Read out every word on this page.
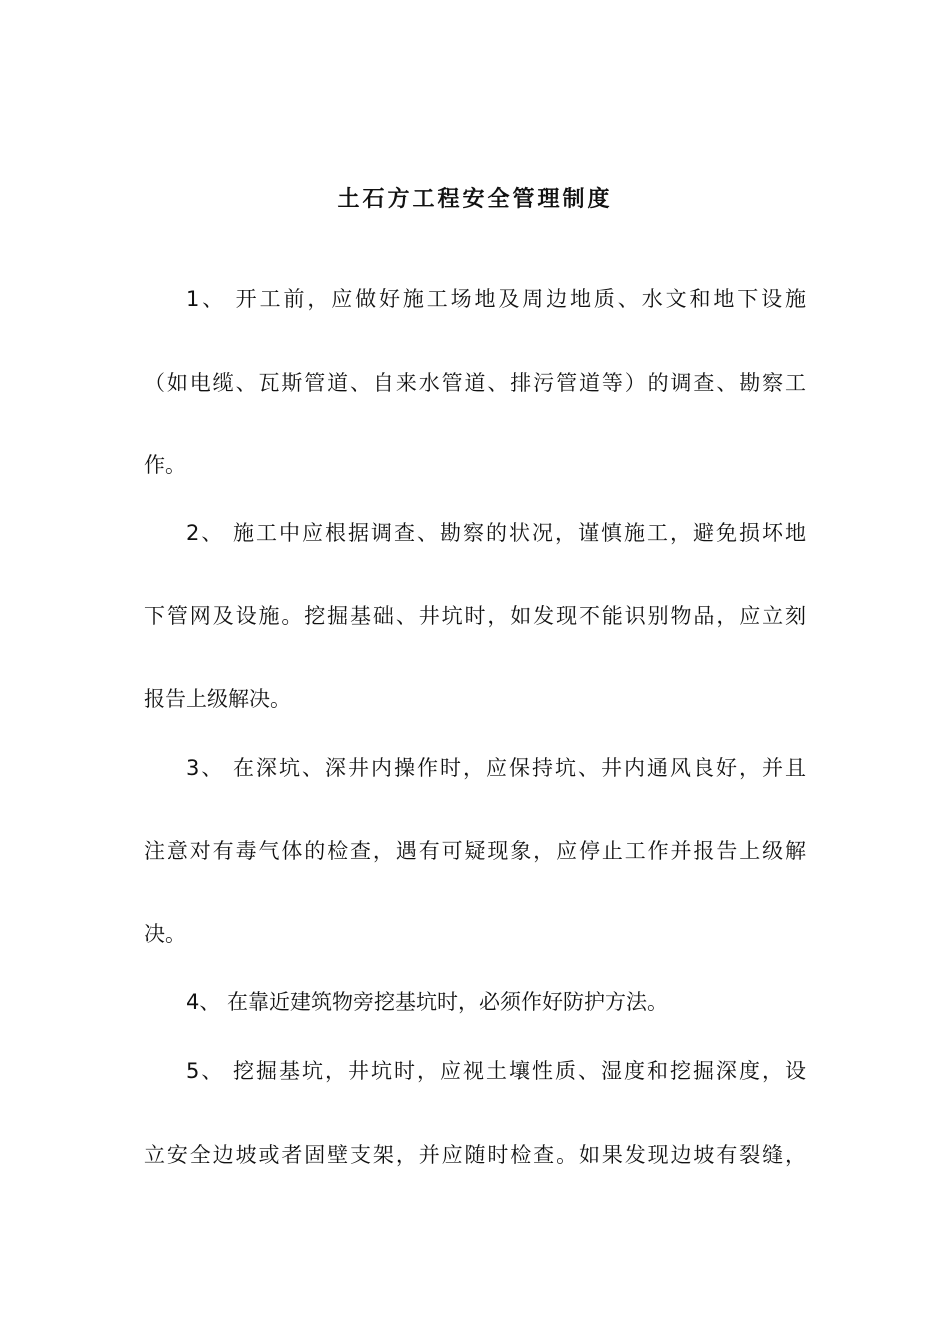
土石方工程安全管理制度

1、 开工前，应做好施工场地及周边地质、水文和地下设施

（如电缆、瓦斯管道、自来水管道、排污管道等）的调查、勘察工

作。

2、 施工中应根据调查、勘察的状况，谨慎施工，避免损坏地

下管网及设施。挖掘基础、井坑时，如发现不能识别物品，应立刻

报告上级解决。

3、 在深坑、深井内操作时，应保持坑、井内通风良好，并且

注意对有毒气体的检查，遇有可疑现象，应停止工作并报告上级解

决。

4、 在靠近建筑物旁挖基坑时，必须作好防护方法。

5、 挖掘基坑，井坑时，应视土壤性质、湿度和挖掘深度，设

立安全边坡或者固壁支架，并应随时检查。如果发现边坡有裂缝，
